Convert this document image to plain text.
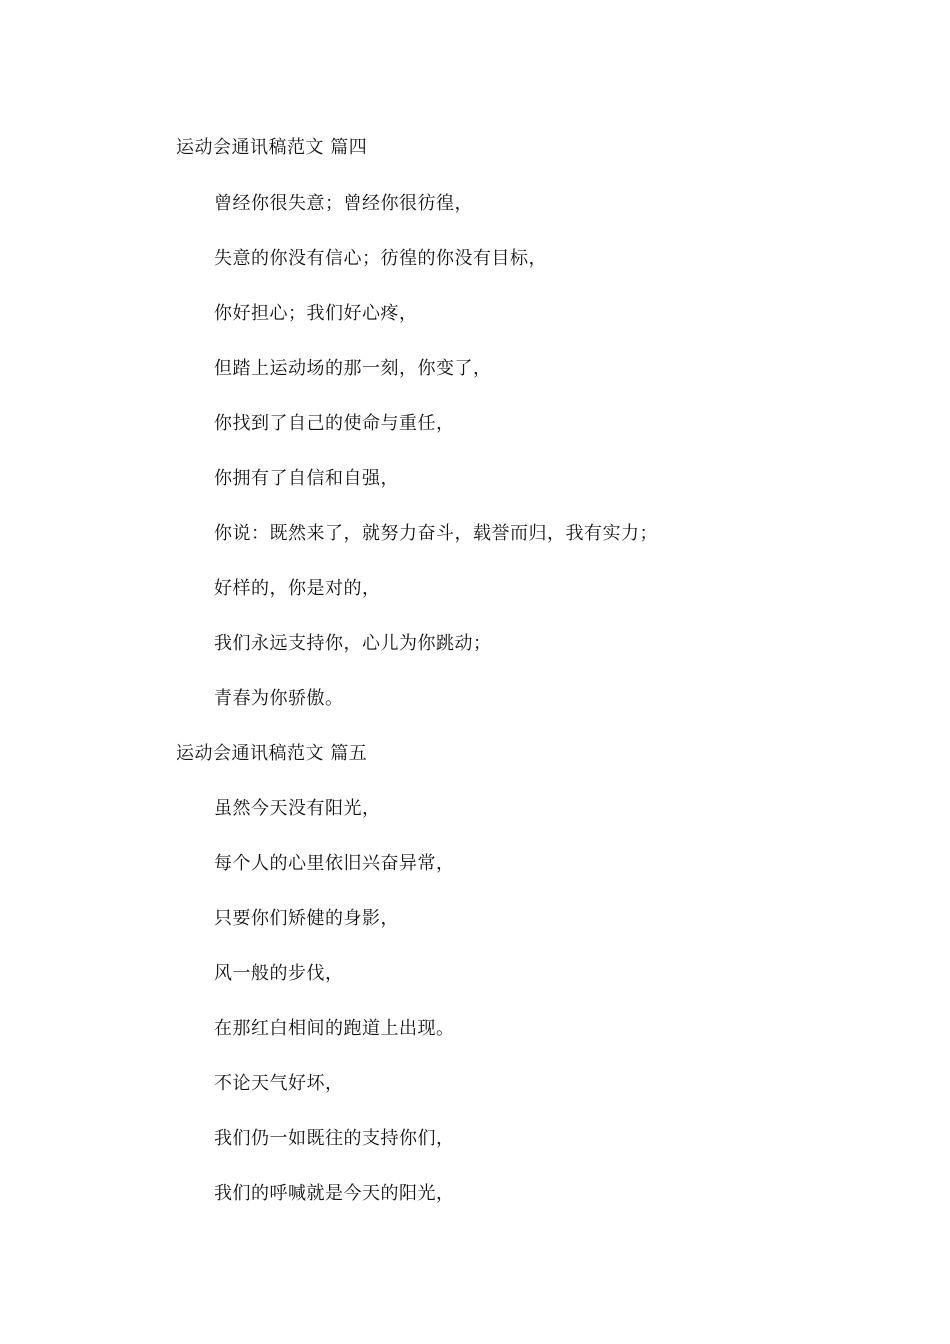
运动会通讯稿范文 篇四
曾经你很失意；曾经你很彷徨，
失意的你没有信心；彷徨的你没有目标，
你好担心；我们好心疼，
但踏上运动场的那一刻，你变了，
你找到了自己的使命与重任，
你拥有了自信和自强，
你说：既然来了，就努力奋斗，载誉而归，我有实力；
好样的，你是对的，
我们永远支持你，心儿为你跳动；
青春为你骄傲。
运动会通讯稿范文 篇五
虽然今天没有阳光，
每个人的心里依旧兴奋异常，
只要你们矫健的身影，
风一般的步伐，
在那红白相间的跑道上出现。
不论天气好坏，
我们仍一如既往的支持你们，
我们的呼喊就是今天的阳光，
